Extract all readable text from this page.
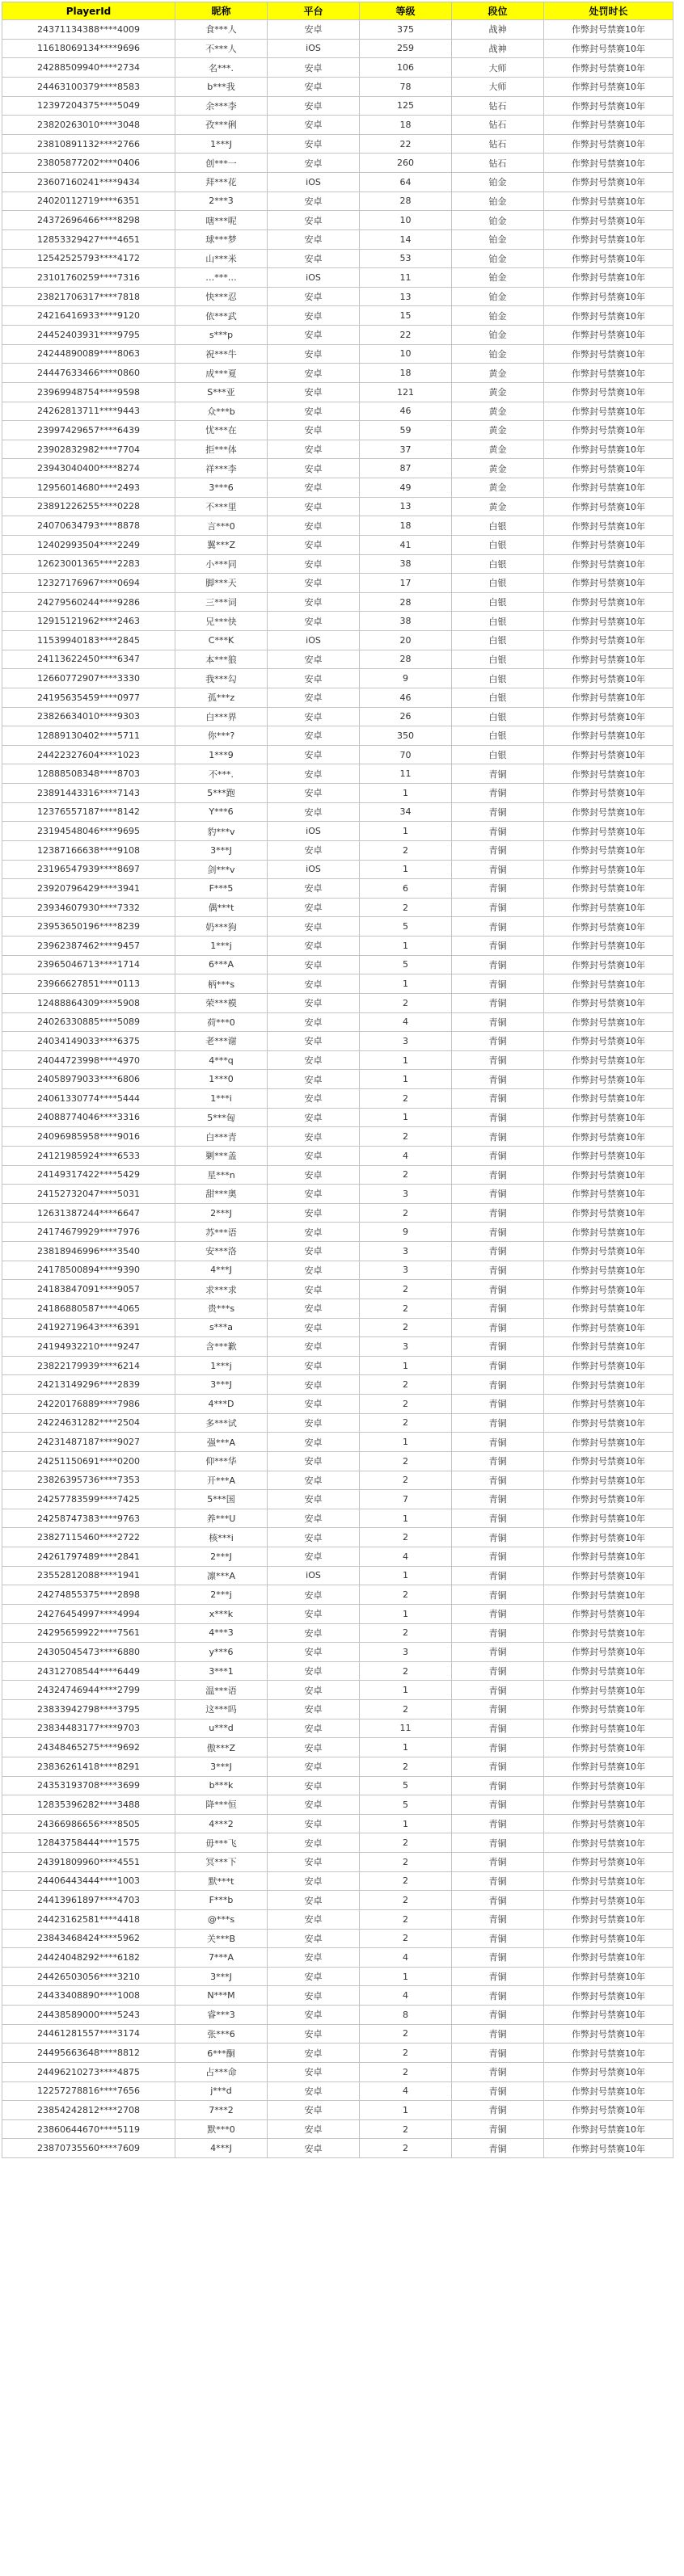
PlayerId	昵称	平台	等级	段位	处罚时长
24371134388****4009	食***人	安卓	375	战神	作弊封号禁赛10年
11618069134****9696	不***人	iOS	259	战神	作弊封号禁赛10年
24288509940****2734	名***.	安卓	106	大师	作弊封号禁赛10年
24463100379****8583	b***我	安卓	78	大师	作弊封号禁赛10年
12397204375****5049	余***李	安卓	125	钻石	作弊封号禁赛10年
23820263010****3048	孜***俐	安卓	18	钻石	作弊封号禁赛10年
23810891132****2766	1***J	安卓	22	钻石	作弊封号禁赛10年
23805877202****0406	创***一	安卓	260	钻石	作弊封号禁赛10年
23607160241****9434	拜***花	iOS	64	铂金	作弊封号禁赛10年
24020112719****6351	2***3	安卓	28	铂金	作弊封号禁赛10年
24372696466****8298	嗐***呢	安卓	10	铂金	作弊封号禁赛10年
12853329427****4651	球***梦	安卓	14	铂金	作弊封号禁赛10年
12542525793****4172	山***米	安卓	53	铂金	作弊封号禁赛10年
23101760259****7316	…***…	iOS	11	铂金	作弊封号禁赛10年
23821706317****7818	快***忍	安卓	13	铂金	作弊封号禁赛10年
24216416933****9120	依***武	安卓	15	铂金	作弊封号禁赛10年
24452403931****9795	s***p	安卓	22	铂金	作弊封号禁赛10年
24244890089****8063	祝***牛	安卓	10	铂金	作弊封号禁赛10年
24447633466****0860	成***夏	安卓	18	黄金	作弊封号禁赛10年
23969948754****9598	S***亚	安卓	121	黄金	作弊封号禁赛10年
24262813711****9443	众***b	安卓	46	黄金	作弊封号禁赛10年
23997429657****6439	忧***在	安卓	59	黄金	作弊封号禁赛10年
23902832982****7704	拒***体	安卓	37	黄金	作弊封号禁赛10年
23943040400****8274	祥***李	安卓	87	黄金	作弊封号禁赛10年
12956014680****2493	3***6	安卓	49	黄金	作弊封号禁赛10年
23891226255****0228	不***里	安卓	13	黄金	作弊封号禁赛10年
24070634793****8878	言***0	安卓	18	白银	作弊封号禁赛10年
12402993504****2249	翼***Z	安卓	41	白银	作弊封号禁赛10年
12623001365****2283	小***同	安卓	38	白银	作弊封号禁赛10年
12327176967****0694	脚***天	安卓	17	白银	作弊封号禁赛10年
24279560244****9286	三***词	安卓	28	白银	作弊封号禁赛10年
12915121962****2463	兄***快	安卓	38	白银	作弊封号禁赛10年
11539940183****2845	C***K	iOS	20	白银	作弊封号禁赛10年
24113622450****6347	本***狼	安卓	28	白银	作弊封号禁赛10年
12660772907****3330	我***勾	安卓	9	白银	作弊封号禁赛10年
24195635459****0977	孤***z	安卓	46	白银	作弊封号禁赛10年
23826634010****9303	白***界	安卓	26	白银	作弊封号禁赛10年
12889130402****5711	你***?	安卓	350	白银	作弊封号禁赛10年
24422327604****1023	1***9	安卓	70	白银	作弊封号禁赛10年
12888508348****8703	不***.	安卓	11	青铜	作弊封号禁赛10年
23891443316****7143	5***跑	安卓	1	青铜	作弊封号禁赛10年
12376557187****8142	Y***6	安卓	34	青铜	作弊封号禁赛10年
23194548046****9695	豹***v	iOS	1	青铜	作弊封号禁赛10年
12387166638****9108	3***J	安卓	2	青铜	作弊封号禁赛10年
23196547939****8697	剑***v	iOS	1	青铜	作弊封号禁赛10年
23920796429****3941	F***5	安卓	6	青铜	作弊封号禁赛10年
23934607930****7332	偶***t	安卓	2	青铜	作弊封号禁赛10年
23953650196****8239	奶***狗	安卓	5	青铜	作弊封号禁赛10年
23962387462****9457	1***j	安卓	1	青铜	作弊封号禁赛10年
23965046713****1714	6***A	安卓	5	青铜	作弊封号禁赛10年
23966627851****0113	柄***s	安卓	1	青铜	作弊封号禁赛10年
12488864309****5908	荣***模	安卓	2	青铜	作弊封号禁赛10年
24026330885****5089	荷***0	安卓	4	青铜	作弊封号禁赛10年
24034149033****6375	老***谢	安卓	3	青铜	作弊封号禁赛10年
24044723998****4970	4***q	安卓	1	青铜	作弊封号禁赛10年
24058979033****6806	1***0	安卓	1	青铜	作弊封号禁赛10年
24061330774****5444	1***i	安卓	2	青铜	作弊封号禁赛10年
24088774046****3316	5***匈	安卓	1	青铜	作弊封号禁赛10年
24096985958****9016	白***青	安卓	2	青铜	作弊封号禁赛10年
24121985924****6533	剿***盖	安卓	4	青铜	作弊封号禁赛10年
24149317422****5429	星***n	安卓	2	青铜	作弊封号禁赛10年
24152732047****5031	甜***奥	安卓	3	青铜	作弊封号禁赛10年
12631387244****6647	2***J	安卓	2	青铜	作弊封号禁赛10年
24174679929****7976	苏***语	安卓	9	青铜	作弊封号禁赛10年
23818946996****3540	安***洛	安卓	3	青铜	作弊封号禁赛10年
24178500894****9390	4***J	安卓	3	青铜	作弊封号禁赛10年
24183847091****9057	求***求	安卓	2	青铜	作弊封号禁赛10年
24186880587****4065	贵***s	安卓	2	青铜	作弊封号禁赛10年
24192719643****6391	s***a	安卓	2	青铜	作弊封号禁赛10年
24194932210****9247	含***歉	安卓	3	青铜	作弊封号禁赛10年
23822179939****6214	1***j	安卓	1	青铜	作弊封号禁赛10年
24213149296****2839	3***J	安卓	2	青铜	作弊封号禁赛10年
24220176889****7986	4***D	安卓	2	青铜	作弊封号禁赛10年
24224631282****2504	多***试	安卓	2	青铜	作弊封号禁赛10年
24231487187****9027	强***A	安卓	1	青铜	作弊封号禁赛10年
24251150691****0200	仰***华	安卓	2	青铜	作弊封号禁赛10年
23826395736****7353	开***A	安卓	2	青铜	作弊封号禁赛10年
24257783599****7425	5***国	安卓	7	青铜	作弊封号禁赛10年
24258747383****9763	养***U	安卓	1	青铜	作弊封号禁赛10年
23827115460****2722	核***i	安卓	2	青铜	作弊封号禁赛10年
24261797489****2841	2***J	安卓	4	青铜	作弊封号禁赛10年
23552812088****1941	凛***A	iOS	1	青铜	作弊封号禁赛10年
24274855375****2898	2***j	安卓	2	青铜	作弊封号禁赛10年
24276454997****4994	x***k	安卓	1	青铜	作弊封号禁赛10年
24295659922****7561	4***3	安卓	2	青铜	作弊封号禁赛10年
24305045473****6880	y***6	安卓	3	青铜	作弊封号禁赛10年
24312708544****6449	3***1	安卓	2	青铜	作弊封号禁赛10年
24324746944****2799	温***语	安卓	1	青铜	作弊封号禁赛10年
23833942798****3795	这***吗	安卓	2	青铜	作弊封号禁赛10年
23834483177****9703	u***d	安卓	11	青铜	作弊封号禁赛10年
24348465275****9692	傲***Z	安卓	1	青铜	作弊封号禁赛10年
23836261418****8291	3***J	安卓	2	青铜	作弊封号禁赛10年
24353193708****3699	b***k	安卓	5	青铜	作弊封号禁赛10年
12835396282****3488	降***恒	安卓	5	青铜	作弊封号禁赛10年
24366986656****8505	4***2	安卓	1	青铜	作弊封号禁赛10年
12843758444****1575	毋***飞	安卓	2	青铜	作弊封号禁赛10年
24391809960****4551	冥***下	安卓	2	青铜	作弊封号禁赛10年
24406443444****1003	默***t	安卓	2	青铜	作弊封号禁赛10年
24413961897****4703	F***b	安卓	2	青铜	作弊封号禁赛10年
24423162581****4418	@***s	安卓	2	青铜	作弊封号禁赛10年
23843468424****5962	关***B	安卓	2	青铜	作弊封号禁赛10年
24424048292****6182	7***A	安卓	4	青铜	作弊封号禁赛10年
24426503056****3210	3***J	安卓	1	青铜	作弊封号禁赛10年
24433408890****1008	N***M	安卓	4	青铜	作弊封号禁赛10年
24438589000****5243	睿***3	安卓	8	青铜	作弊封号禁赛10年
24461281557****3174	张***6	安卓	2	青铜	作弊封号禁赛10年
24495663648****8812	6***酮	安卓	2	青铜	作弊封号禁赛10年
24496210273****4875	占***命	安卓	2	青铜	作弊封号禁赛10年
12257278816****7656	j***d	安卓	4	青铜	作弊封号禁赛10年
23854242812****2708	7***2	安卓	1	青铜	作弊封号禁赛10年
23860644670****5119	默***0	安卓	2	青铜	作弊封号禁赛10年
23870735560****7609	4***J	安卓	2	青铜	作弊封号禁赛10年
